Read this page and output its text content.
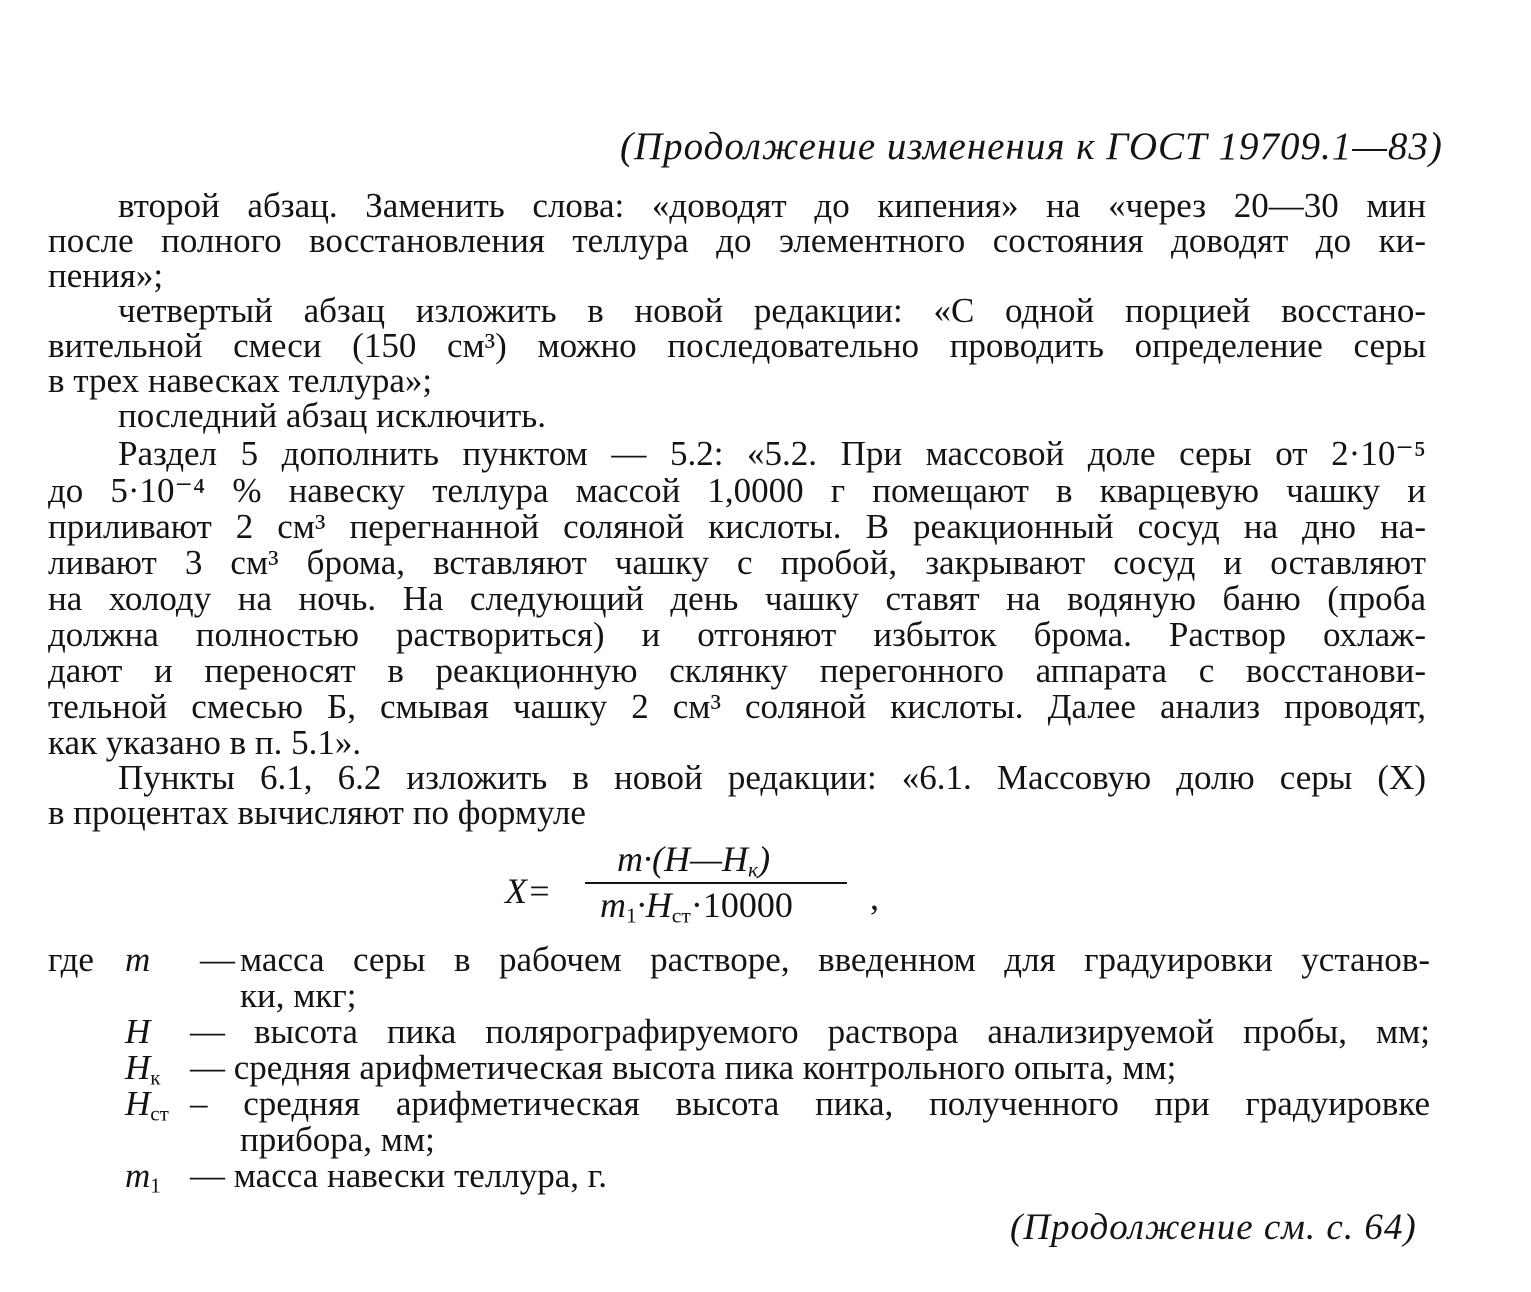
(Продолжение изменения к ГОСТ 19709.1—83)
второй абзац. Заменить слова: «доводят до кипения» на «через 20—30 мин
после полного восстановления теллура до элементного состояния доводят до ки-
пения»;
четвертый абзац изложить в новой редакции: «С одной порцией восстано-
вительной смеси (150 см³) можно последовательно проводить определение серы
в трех навесках теллура»;
последний абзац исключить.
Раздел 5 дополнить пунктом — 5.2: «5.2. При массовой доле серы от 2·10⁻⁵
до 5·10⁻⁴ % навеску теллура массой 1,0000 г помещают в кварцевую чашку и
приливают 2 см³ перегнанной соляной кислоты. В реакционный сосуд на дно на-
ливают 3 см³ брома, вставляют чашку с пробой, закрывают сосуд и оставляют
на холоду на ночь. На следующий день чашку ставят на водяную баню (проба
должна полностью раствориться) и отгоняют избыток брома. Раствор охлаж-
дают и переносят в реакционную склянку перегонного аппарата с восстанови-
тельной смесью Б, смывая чашку 2 см³ соляной кислоты. Далее анализ проводят,
как указано в п. 5.1».
Пункты 6.1, 6.2 изложить в новой редакции: «6.1. Массовую долю серы (X)
в процентах вычисляют по формуле
X=
$m\cdot(H—H_к)$
$m_1\cdot H_{ст}\cdot 10000$ ,
где m — масса серы в рабочем растворе, введенном для градуировки установ-
ки, мкг;
H — высота пика полярографируемого раствора анализируемой пробы, мм;
$H_к$ — средняя арифметическая высота пика контрольного опыта, мм;
$H_{ст}$ – средняя арифметическая высота пика, полученного при градуировке
прибора, мм;
$m_1$ — масса навески теллура, г.
(Продолжение см. с. 64)
